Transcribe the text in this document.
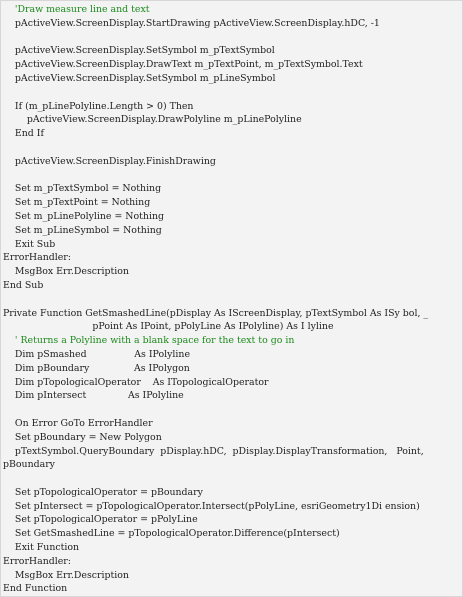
'Draw measure line and text
pActiveView.ScreenDisplay.StartDrawing pActiveView.ScreenDisplay.hDC, -1
pActiveView.ScreenDisplay.SetSymbol m_pTextSymbol
pActiveView.ScreenDisplay.DrawText m_pTextPoint, m_pTextSymbol.Text
pActiveView.ScreenDisplay.SetSymbol m_pLineSymbol
If (m_pLinePolyline.Length > 0) Then
pActiveView.ScreenDisplay.DrawPolyline m_pLinePolyline
End If
pActiveView.ScreenDisplay.FinishDrawing
Set m_pTextSymbol = Nothing
Set m_pTextPoint = Nothing
Set m_pLinePolyline = Nothing
Set m_pLineSymbol = Nothing
Exit Sub
ErrorHandler:
MsgBox Err.Description
End Sub
Private Function GetSmashedLine(pDisplay As IScreenDisplay, pTextSymbol As ISy bol, _
pPoint As IPoint, pPolyLine As IPolyline) As I lyline
' Returns a Polyline with a blank space for the text to go in
Dim pSmashed                As IPolyline
Dim pBoundary               As IPolygon
Dim pTopologicalOperator    As ITopologicalOperator
Dim pIntersect              As IPolyline
On Error GoTo ErrorHandler
Set pBoundary = New Polygon
pTextSymbol.QueryBoundary  pDisplay.hDC,  pDisplay.DisplayTransformation,   Point,
pBoundary
Set pTopologicalOperator = pBoundary
Set pIntersect = pTopologicalOperator.Intersect(pPolyLine, esriGeometry1Di ension)
Set pTopologicalOperator = pPolyLine
Set GetSmashedLine = pTopologicalOperator.Difference(pIntersect)
Exit Function
ErrorHandler:
MsgBox Err.Description
End Function
